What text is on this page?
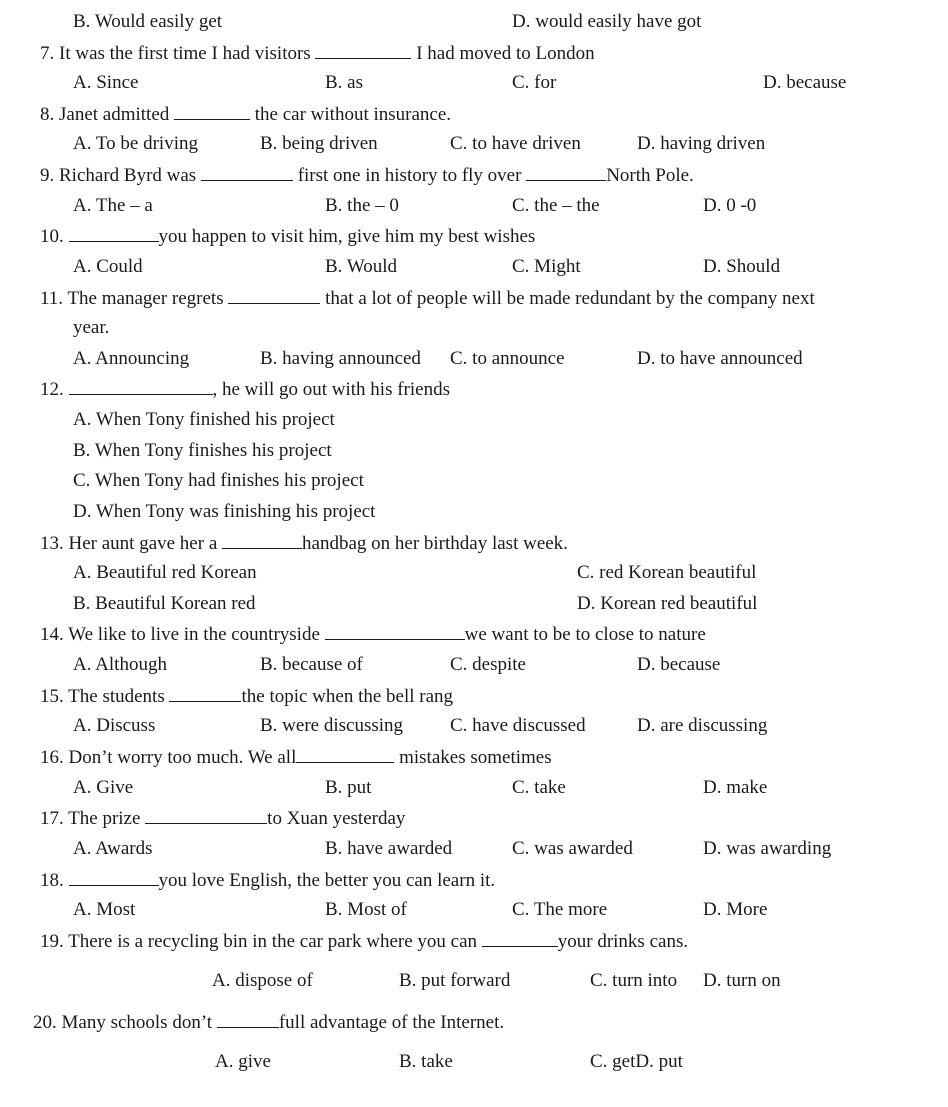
B. Would easily get	D. would easily have got
7. It was the first time I had visitors	I had moved to London
A. Since	B. as	C. for	D. because
8. Janet admitted	the car without insurance.
A. To be driving	B. being driven	C. to have driven	D. having driven
9. Richard Byrd was	first one in history to fly over	North Pole.
A. The – a	B. the – 0	C. the – the	D. 0 -0
10.	you happen to visit him, give him my best wishes
A. Could	B. Would	C. Might	D. Should
11. The manager regrets	that a lot of people will be made redundant by the company next
year.
A. Announcing	B. having announced C. to announce	D. to have announced
12.	, he will go out with his friends
A. When Tony finished his project
B. When Tony finishes his project
C. When Tony had finishes his project
D. When Tony was finishing his project
13. Her aunt gave her a	handbag on her birthday last week.
A. Beautiful red Korean	C. red Korean beautiful
B. Beautiful Korean red	D. Korean red beautiful
14. We like to live in the countryside	we want to be to close to nature
A. Although	B. because of	C. despite	D. because
15. The students	the topic when the bell rang
A. Discuss	B. were discussing C. have discussed	D. are discussing
16. Don’t worry too much. We all	mistakes sometimes
A. Give	B. put	C. take	D. make
17. The prize	to Xuan yesterday
A. Awards	B. have awarded	C. was awarded	D. was awarding
18.	you love English, the better you can learn it.
A. Most	B. Most of	C. The more	D. More
19. There is a recycling bin in the car park where you can	your drinks cans.
A. dispose of	B. put forward	C. turn into D. turn on
20. Many schools don’t	full advantage of the Internet.
A. give	B. take	C. getD. put
